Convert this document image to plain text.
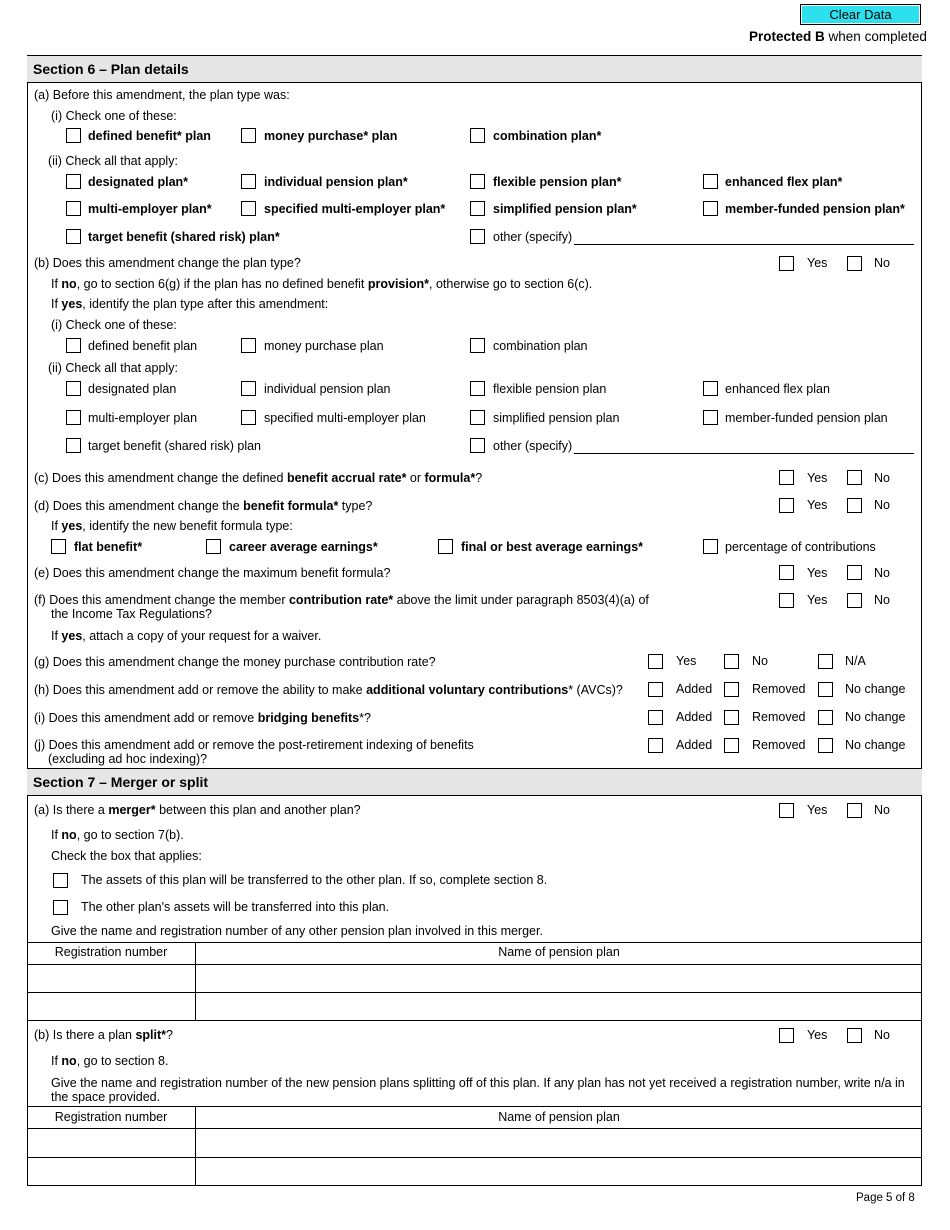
Clear Data
Protected B when completed
Section 6 – Plan details
(a) Before this amendment, the plan type was:
(i) Check one of these:
defined benefit* plan	money purchase* plan	combination plan*
(ii) Check all that apply:
designated plan*	individual pension plan*	flexible pension plan*	enhanced flex plan*
multi-employer plan*	specified multi-employer plan*	simplified pension plan*	member-funded pension plan*
target benefit (shared risk) plan*	other (specify)
(b) Does this amendment change the plan type?	Yes	No
If no, go to section 6(g) if the plan has no defined benefit provision*, otherwise go to section 6(c).
If yes, identify the plan type after this amendment:
(i) Check one of these:
defined benefit plan	money purchase plan	combination plan
(ii) Check all that apply:
designated plan	individual pension plan	flexible pension plan	enhanced flex plan
multi-employer plan	specified multi-employer plan	simplified pension plan	member-funded pension plan
target benefit (shared risk) plan	other (specify)
(c) Does this amendment change the defined benefit accrual rate* or formula*?	Yes	No
(d) Does this amendment change the benefit formula* type?	Yes	No
If yes, identify the new benefit formula type:
flat benefit*	career average earnings*	final or best average earnings*	percentage of contributions
(e) Does this amendment change the maximum benefit formula?	Yes	No
(f) Does this amendment change the member contribution rate* above the limit under paragraph 8503(4)(a) of
the Income Tax Regulations?
Yes	No
If yes, attach a copy of your request for a waiver.
(g) Does this amendment change the money purchase contribution rate?	Yes	No	N/A
(h) Does this amendment add or remove the ability to make additional voluntary contributions* (AVCs)?	Added	Removed	No change
(i) Does this amendment add or remove bridging benefits*?	Added	Removed	No change
(j) Does this amendment add or remove the post-retirement indexing of benefits
(excluding ad hoc indexing)?
Added	Removed	No change
Section 7 – Merger or split
(a) Is there a merger* between this plan and another plan?	Yes	No
If no, go to section 7(b).
Check the box that applies:
The assets of this plan will be transferred to the other plan. If so, complete section 8.
The other plan's assets will be transferred into this plan.
Give the name and registration number of any other pension plan involved in this merger.
Registration number	Name of pension plan
(b) Is there a plan split*?	Yes	No
If no, go to section 8.
Give the name and registration number of the new pension plans splitting off of this plan. If any plan has not yet received a registration number, write n/a in
the space provided.
Registration number	Name of pension plan
Page 5 of 8
